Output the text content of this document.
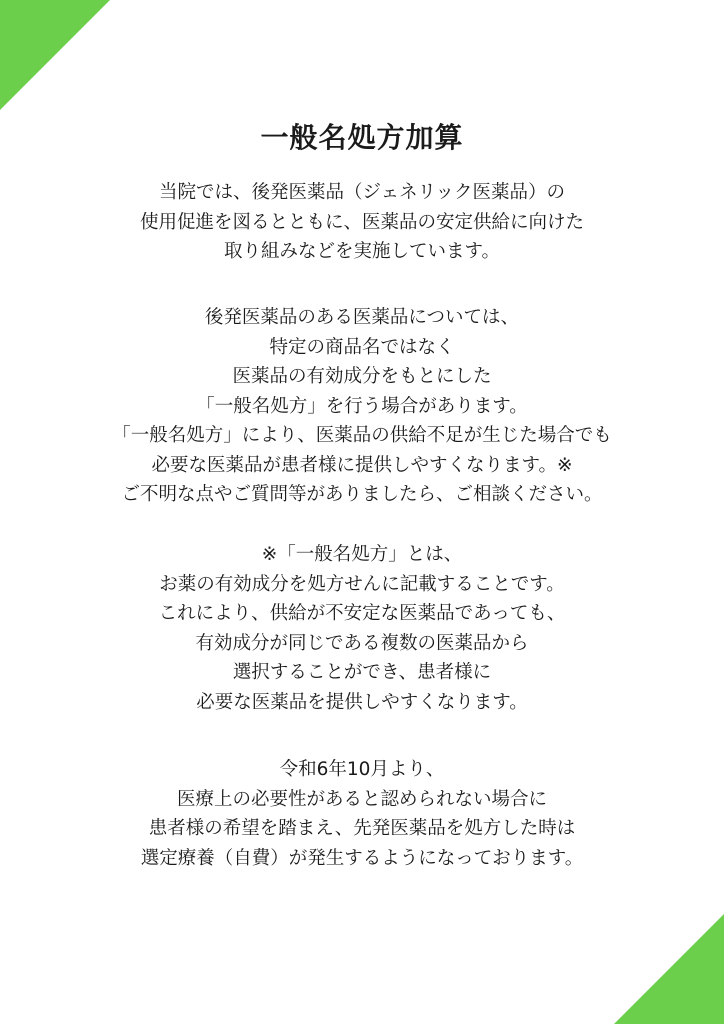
一般名処方加算
当院では、後発医薬品（ジェネリック医薬品）の
使用促進を図るとともに、医薬品の安定供給に向けた
取り組みなどを実施しています。
後発医薬品のある医薬品については、
特定の商品名ではなく
医薬品の有効成分をもとにした
「一般名処方」を行う場合があります。
「一般名処方」により、医薬品の供給不足が生じた場合でも
必要な医薬品が患者様に提供しやすくなります。※
ご不明な点やご質問等がありましたら、ご相談ください。
※「一般名処方」とは、
お薬の有効成分を処方せんに記載することです。
これにより、供給が不安定な医薬品であっても、
有効成分が同じである複数の医薬品から
選択することができ、患者様に
必要な医薬品を提供しやすくなります。
令和6年10月より、
医療上の必要性があると認められない場合に
患者様の希望を踏まえ、先発医薬品を処方した時は
選定療養（自費）が発生するようになっております。
